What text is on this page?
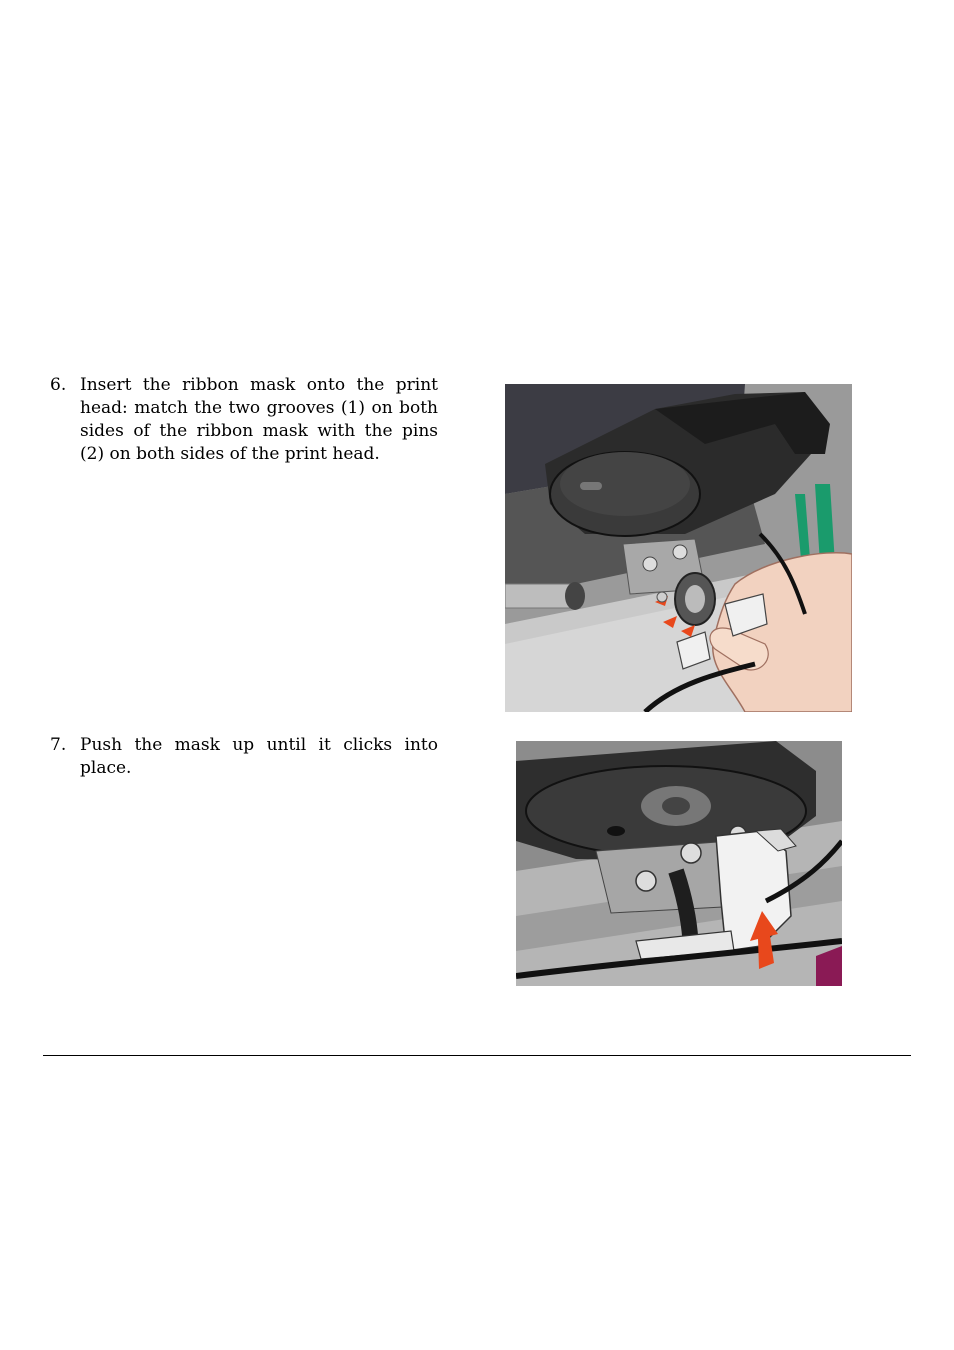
6. Insert the ribbon mask onto the print head: match the two grooves (1) on both sides of the ribbon mask with the pins (2) on both sides of the print head.
7. Push the mask up until it clicks into place.
